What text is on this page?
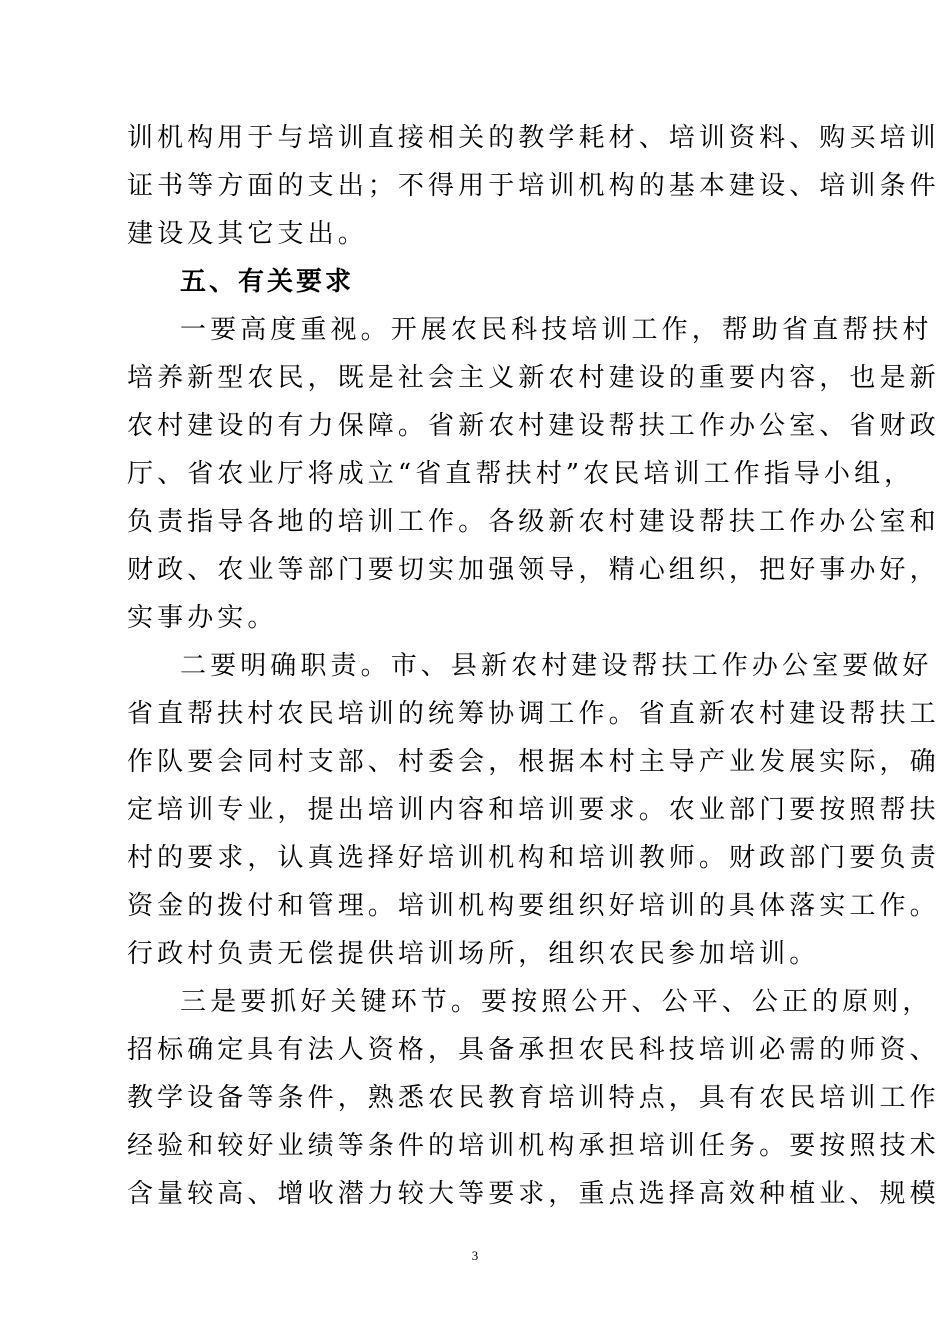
训机构用于与培训直接相关的教学耗材、培训资料、购买培训
证书等方面的支出；不得用于培训机构的基本建设、培训条件
建设及其它支出。
五、有关要求
一要高度重视。开展农民科技培训工作，帮助省直帮扶村
培养新型农民，既是社会主义新农村建设的重要内容，也是新
农村建设的有力保障。省新农村建设帮扶工作办公室、省财政
厅、省农业厅将成立“省直帮扶村”农民培训工作指导小组，
负责指导各地的培训工作。各级新农村建设帮扶工作办公室和
财政、农业等部门要切实加强领导，精心组织，把好事办好，
实事办实。
二要明确职责。市、县新农村建设帮扶工作办公室要做好
省直帮扶村农民培训的统筹协调工作。省直新农村建设帮扶工
作队要会同村支部、村委会，根据本村主导产业发展实际，确
定培训专业，提出培训内容和培训要求。农业部门要按照帮扶
村的要求，认真选择好培训机构和培训教师。财政部门要负责
资金的拨付和管理。培训机构要组织好培训的具体落实工作。
行政村负责无偿提供培训场所，组织农民参加培训。
三是要抓好关键环节。要按照公开、公平、公正的原则，
招标确定具有法人资格，具备承担农民科技培训必需的师资、
教学设备等条件，熟悉农民教育培训特点，具有农民培训工作
经验和较好业绩等条件的培训机构承担培训任务。要按照技术
含量较高、增收潜力较大等要求，重点选择高效种植业、规模
3
